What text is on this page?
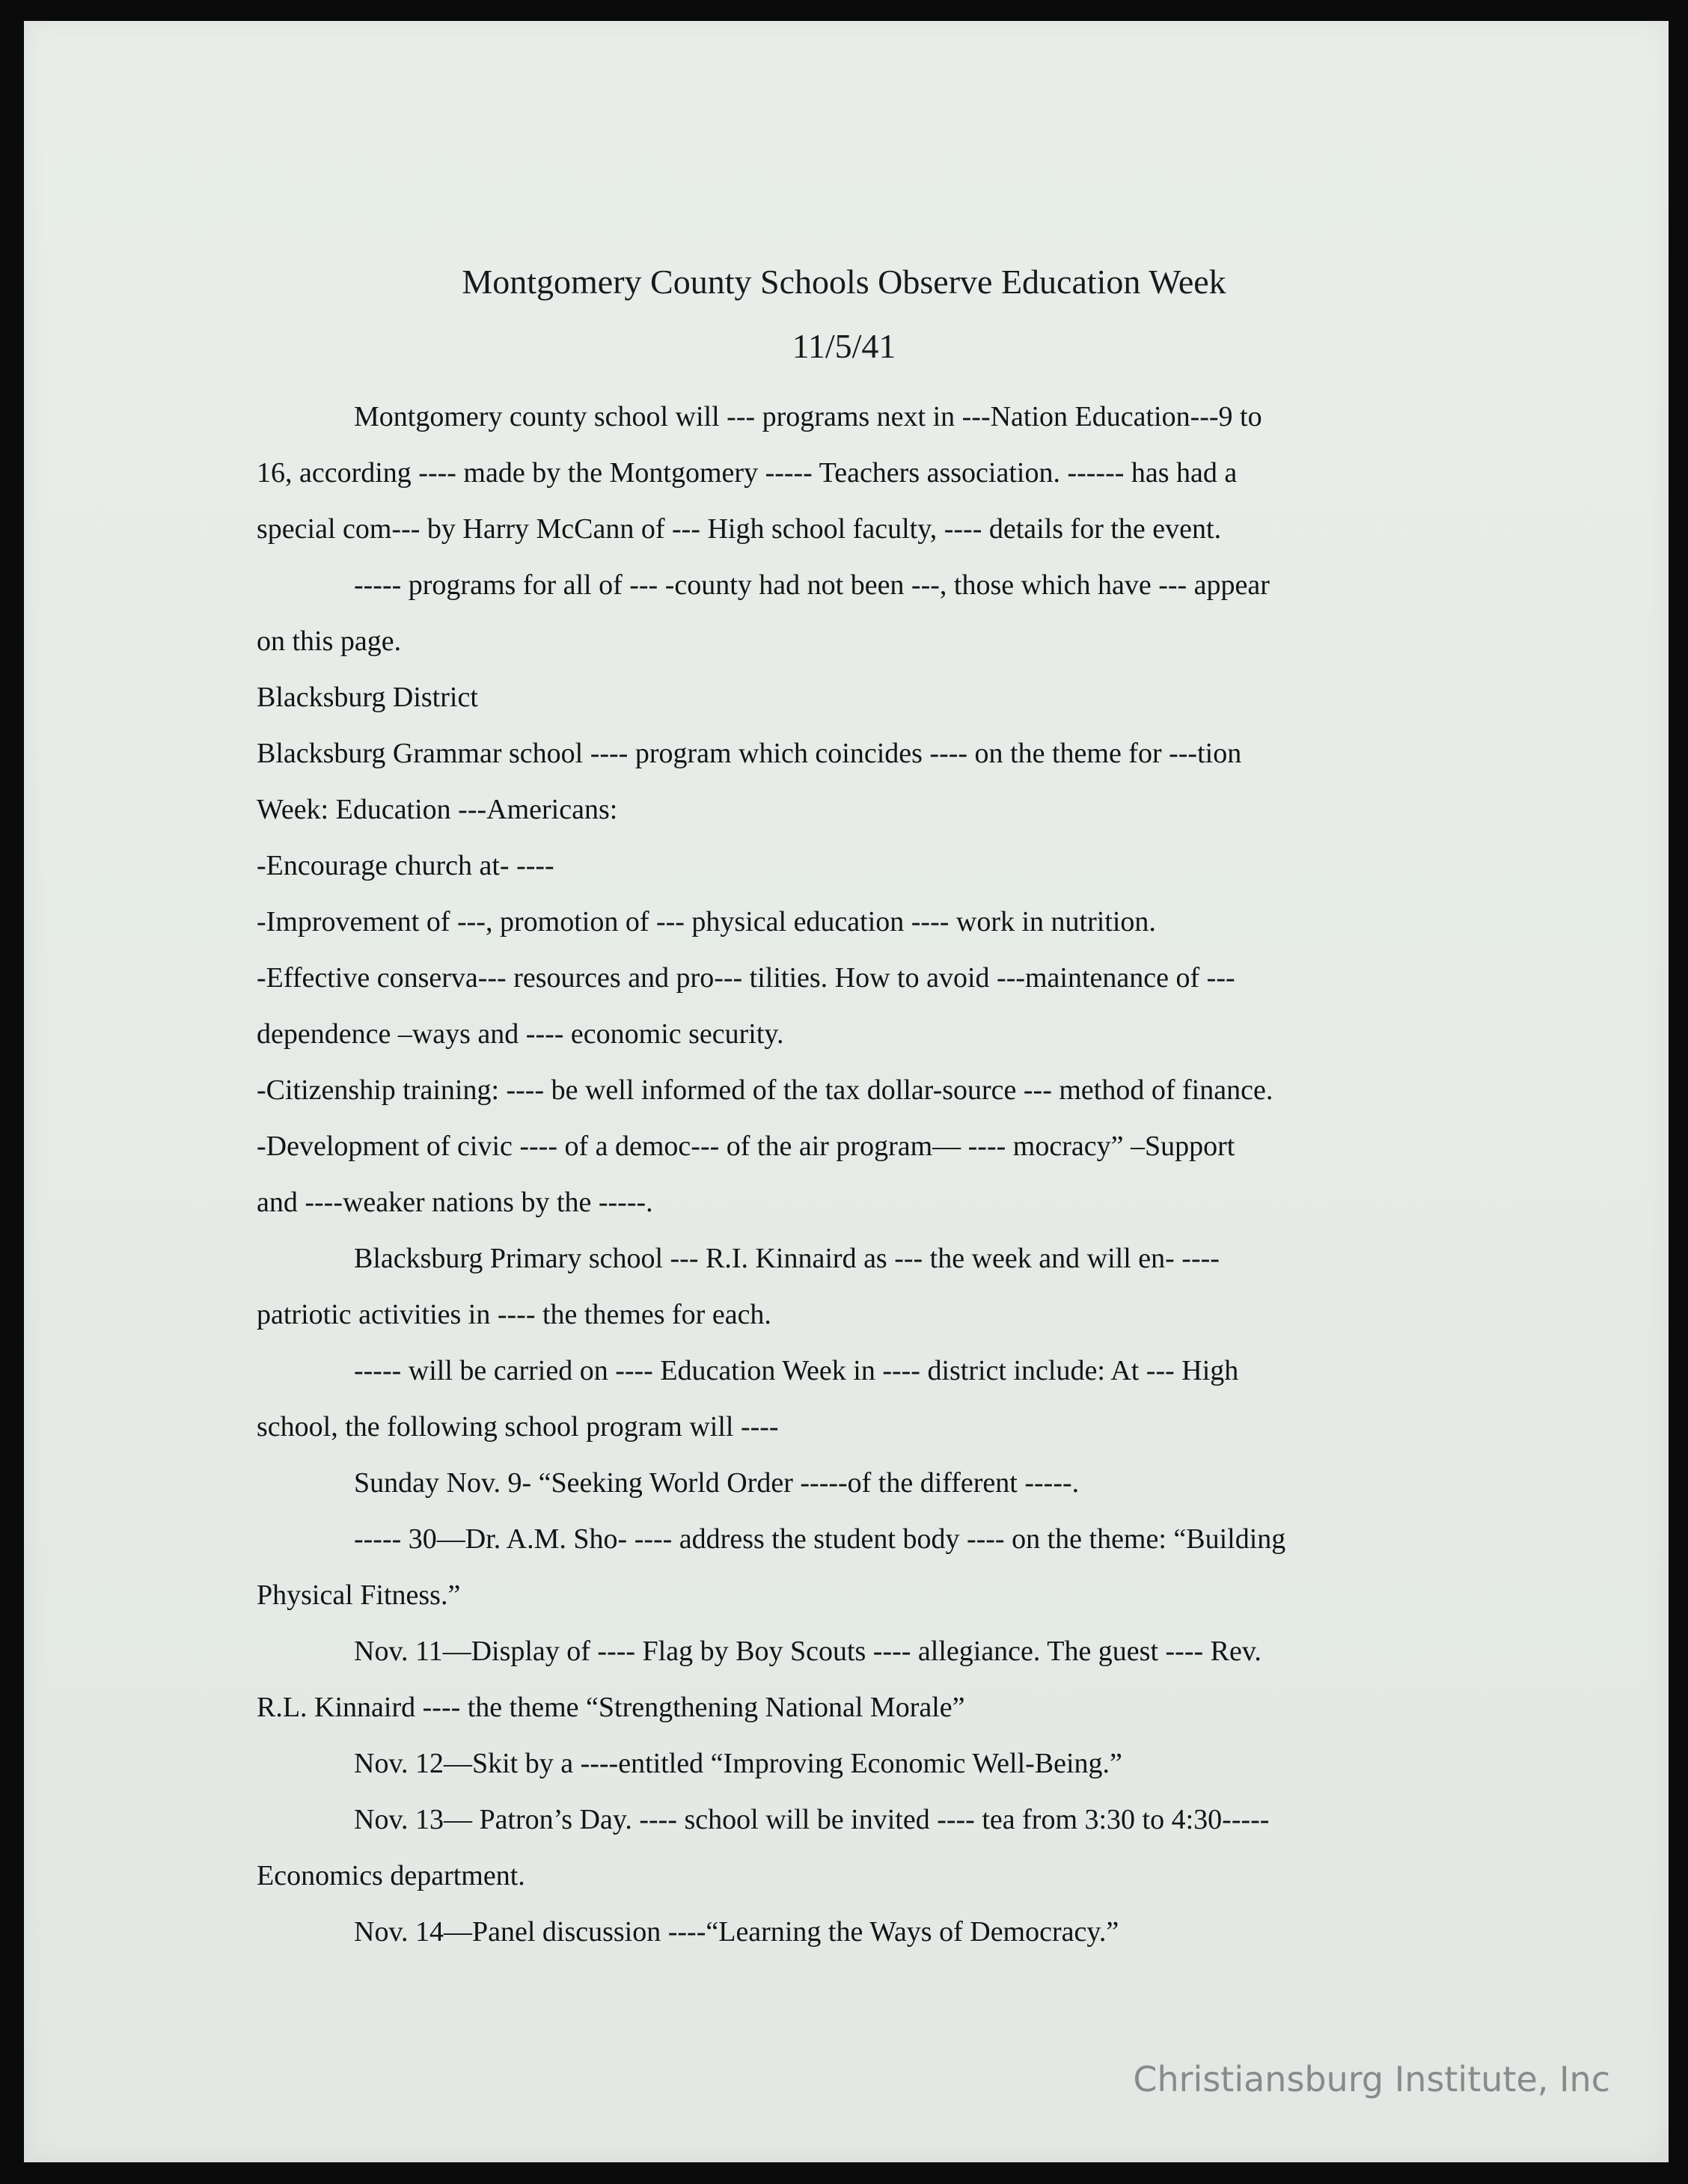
Montgomery County Schools Observe Education Week
11/5/41
Montgomery county school will --- programs next in ---Nation Education---9 to
16, according ---- made by the Montgomery ----- Teachers association. ------ has had a
special com--- by Harry McCann of --- High school faculty, ---- details for the event.
----- programs for all of --- -county had not been ---, those which have --- appear
on this page.
Blacksburg District
Blacksburg Grammar school ---- program which coincides ---- on the theme for ---tion
Week: Education ---Americans:
-Encourage church at- ----
-Improvement of ---, promotion of --- physical education ---- work in nutrition.
-Effective conserva--- resources and pro--- tilities. How to avoid ---maintenance of ---
dependence –ways and ---- economic security.
-Citizenship training: ---- be well informed of the tax dollar-source --- method of finance.
-Development of civic ---- of a democ--- of the air program— ---- mocracy” –Support
and ----weaker nations by the -----.
Blacksburg Primary school --- R.I. Kinnaird as --- the week and will en- ----
patriotic activities in ---- the themes for each.
----- will be carried on ---- Education Week in ---- district include: At --- High
school, the following school program will ----
Sunday Nov. 9- “Seeking World Order -----of the different -----.
----- 30—Dr. A.M. Sho- ---- address the student body ---- on the theme: “Building
Physical Fitness.”
Nov. 11—Display of ---- Flag by Boy Scouts ---- allegiance. The guest ---- Rev.
R.L. Kinnaird ---- the theme “Strengthening National Morale”
Nov. 12—Skit by a ----entitled “Improving Economic Well-Being.”
Nov. 13— Patron’s Day. ---- school will be invited ---- tea from 3:30 to 4:30-----
Economics department.
Nov. 14—Panel discussion ----“Learning the Ways of Democracy.”
Christiansburg Institute, Inc
